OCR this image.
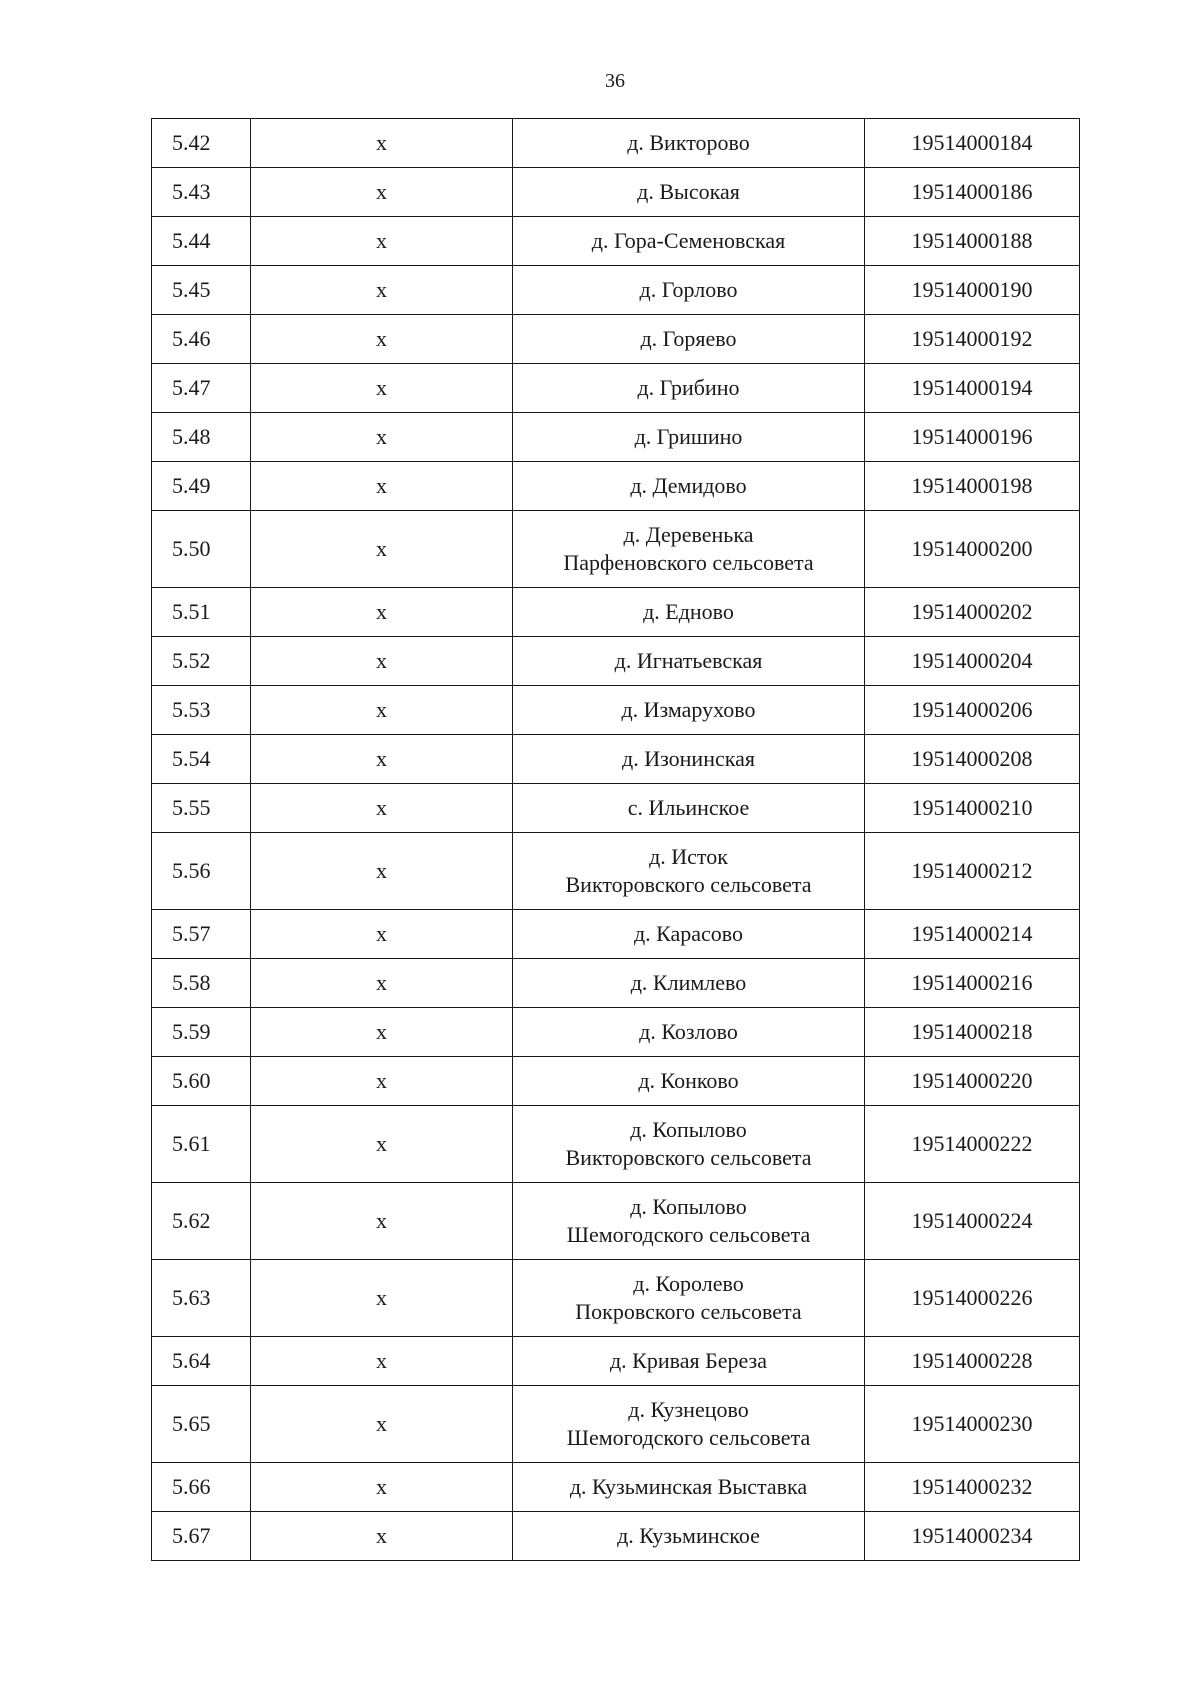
36
5.42	х	д. Викторово	19514000184
5.43	х	д. Высокая	19514000186
5.44	х	д. Гора-Семеновская	19514000188
5.45	х	д. Горлово	19514000190
5.46	х	д. Горяево	19514000192
5.47	х	д. Грибино	19514000194
5.48	х	д. Гришино	19514000196
5.49	х	д. Демидово	19514000198
5.50	х	д. Деревенька
Парфеновского сельсовета	19514000200
5.51	х	д. Едново	19514000202
5.52	х	д. Игнатьевская	19514000204
5.53	х	д. Измарухово	19514000206
5.54	х	д. Изонинская	19514000208
5.55	х	с. Ильинское	19514000210
5.56	х	д. Исток
Викторовского сельсовета	19514000212
5.57	х	д. Карасово	19514000214
5.58	х	д. Климлево	19514000216
5.59	х	д. Козлово	19514000218
5.60	х	д. Конково	19514000220
5.61	х	д. Копылово
Викторовского сельсовета	19514000222
5.62	х	д. Копылово
Шемогодского сельсовета	19514000224
5.63	х	д. Королево
Покровского сельсовета	19514000226
5.64	х	д. Кривая Береза	19514000228
5.65	х	д. Кузнецово
Шемогодского сельсовета	19514000230
5.66	х	д. Кузьминская Выставка	19514000232
5.67	х	д. Кузьминское	19514000234
